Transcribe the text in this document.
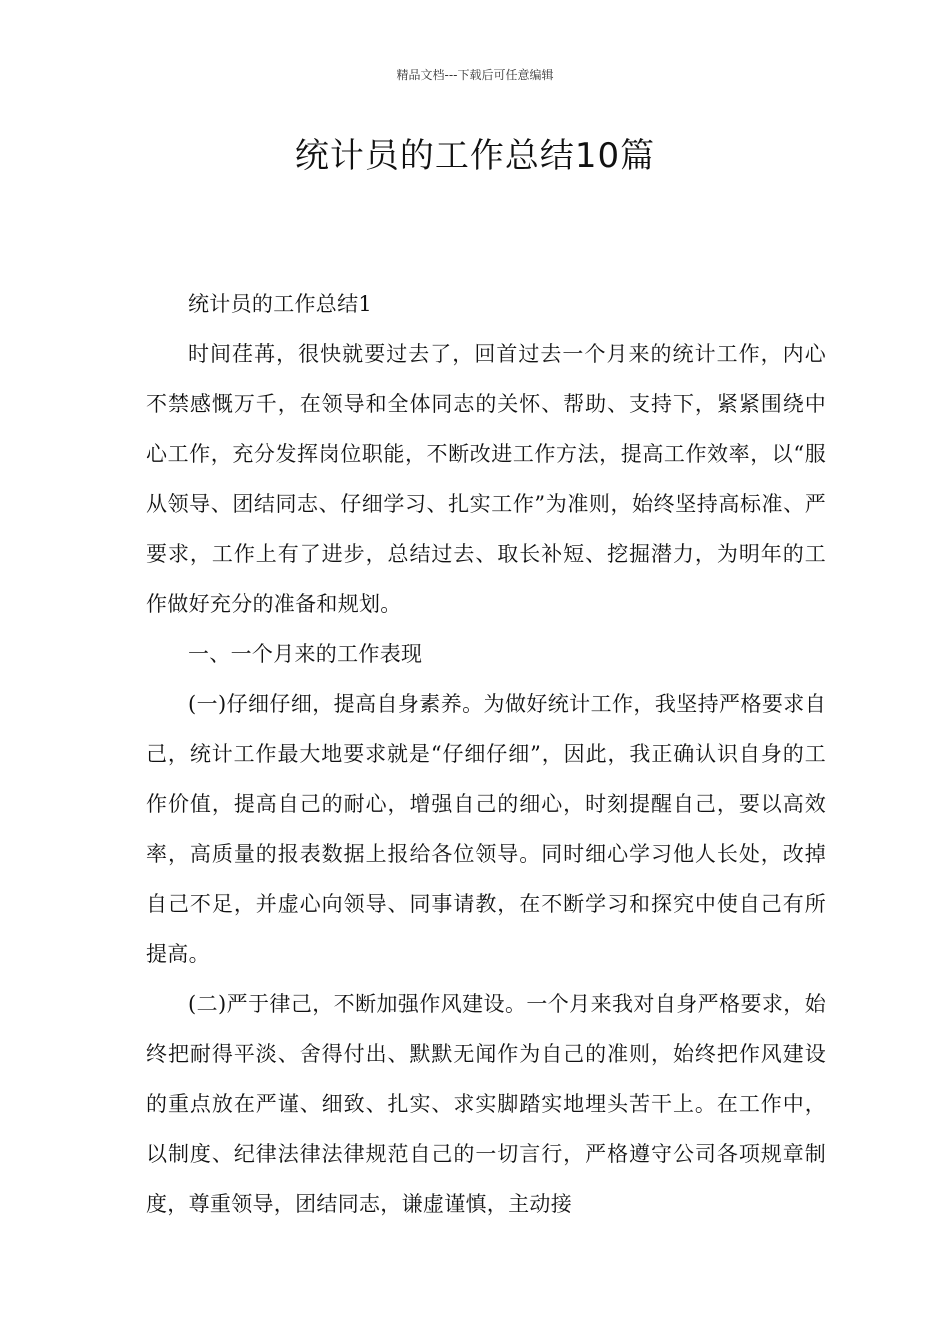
精品文档---下载后可任意编辑
统计员的工作总结10篇

统计员的工作总结1

时间荏苒，很快就要过去了，回首过去一个月来的统计工作，内心不禁感慨万千，在领导和全体同志的关怀、帮助、支持下，紧紧围绕中心工作，充分发挥岗位职能，不断改进工作方法，提高工作效率，以“服从领导、团结同志、仔细学习、扎实工作”为准则，始终坚持高标准、严要求，工作上有了进步，总结过去、取长补短、挖掘潜力，为明年的工作做好充分的准备和规划。

一、一个月来的工作表现

(一)仔细仔细，提高自身素养。为做好统计工作，我坚持严格要求自己，统计工作最大地要求就是“仔细仔细”，因此，我正确认识自身的工作价值，提高自己的耐心，增强自己的细心，时刻提醒自己，要以高效率，高质量的报表数据上报给各位领导。同时细心学习他人长处，改掉自己不足，并虚心向领导、同事请教，在不断学习和探究中使自己有所提高。

(二)严于律己，不断加强作风建设。一个月来我对自身严格要求，始终把耐得平淡、舍得付出、默默无闻作为自己的准则，始终把作风建设的重点放在严谨、细致、扎实、求实脚踏实地埋头苦干上。在工作中，以制度、纪律法律法律规范自己的一切言行，严格遵守公司各项规章制度，尊重领导，团结同志，谦虚谨慎，主动接
